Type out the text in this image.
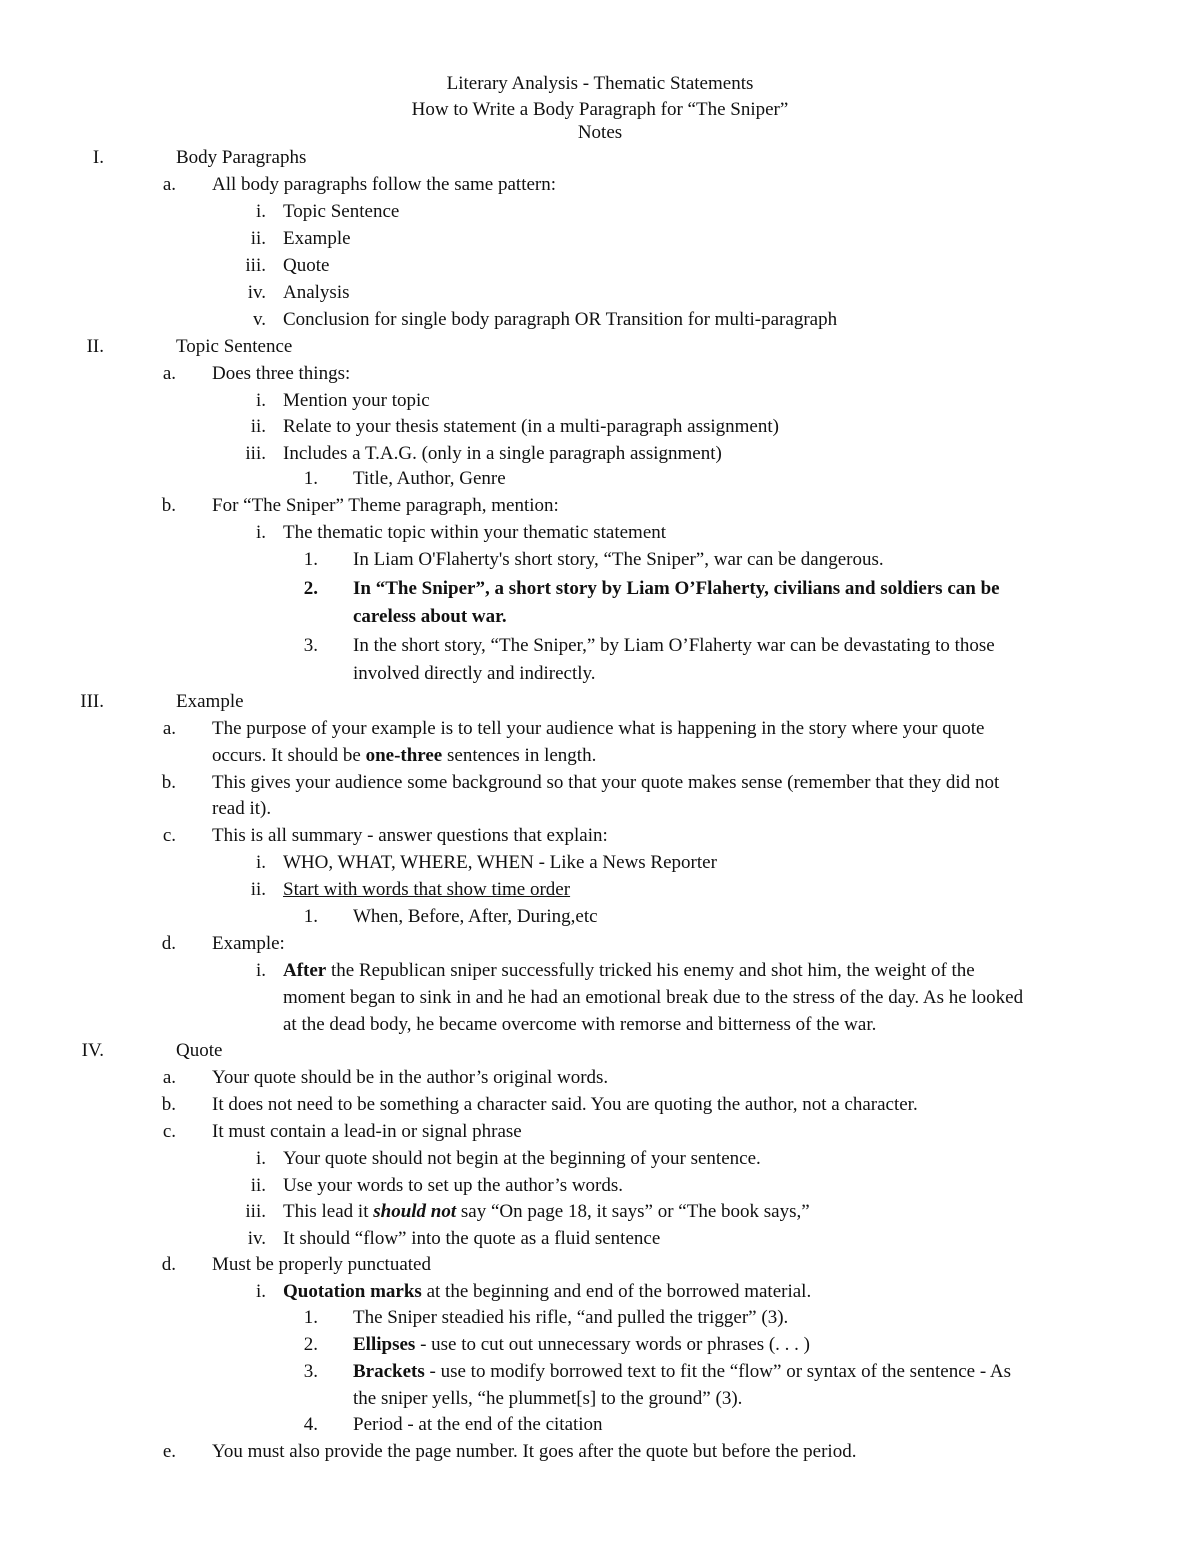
Literary Analysis - Thematic Statements
How to Write a Body Paragraph for “The Sniper”
Notes
I.	Body Paragraphs
a. All body paragraphs follow the same pattern:
i. Topic Sentence
ii. Example
iii. Quote
iv. Analysis
v. Conclusion for single body paragraph OR Transition for multi-paragraph
II.	Topic Sentence
a. Does three things:
i. Mention your topic
ii. Relate to your thesis statement (in a multi-paragraph assignment)
iii. Includes a T.A.G. (only in a single paragraph assignment)
1. Title, Author, Genre
b. For “The Sniper” Theme paragraph, mention:
i. The thematic topic within your thematic statement
1. In Liam O'Flaherty's short story, “The Sniper”, war can be dangerous.
2. In “The Sniper”, a short story by Liam O’Flaherty, civilians and soldiers can be
careless about war.
3. In the short story, “The Sniper,” by Liam O’Flaherty war can be devastating to those
involved directly and indirectly.
III.	Example
a. The purpose of your example is to tell your audience what is happening in the story where your quote
occurs. It should be one-three sentences in length.
b. This gives your audience some background so that your quote makes sense (remember that they did not
read it).
c. This is all summary - answer questions that explain:
i. WHO, WHAT, WHERE, WHEN - Like a News Reporter
ii. Start with words that show time order
1. When, Before, After, During,etc
d. Example:
i. After the Republican sniper successfully tricked his enemy and shot him, the weight of the
moment began to sink in and he had an emotional break due to the stress of the day. As he looked
at the dead body, he became overcome with remorse and bitterness of the war.
IV.	Quote
a. Your quote should be in the author’s original words.
b. It does not need to be something a character said. You are quoting the author, not a character.
c. It must contain a lead-in or signal phrase
i. Your quote should not begin at the beginning of your sentence.
ii. Use your words to set up the author’s words.
iii. This lead it should not say “On page 18, it says” or “The book says,”
iv. It should “flow” into the quote as a fluid sentence
d. Must be properly punctuated
i. Quotation marks at the beginning and end of the borrowed material.
1. The Sniper steadied his rifle, “and pulled the trigger” (3).
2. Ellipses - use to cut out unnecessary words or phrases (. . . )
3. Brackets - use to modify borrowed text to fit the “flow” or syntax of the sentence - As
the sniper yells, “he plummet[s] to the ground” (3).
4. Period - at the end of the citation
e. You must also provide the page number. It goes after the quote but before the period.
